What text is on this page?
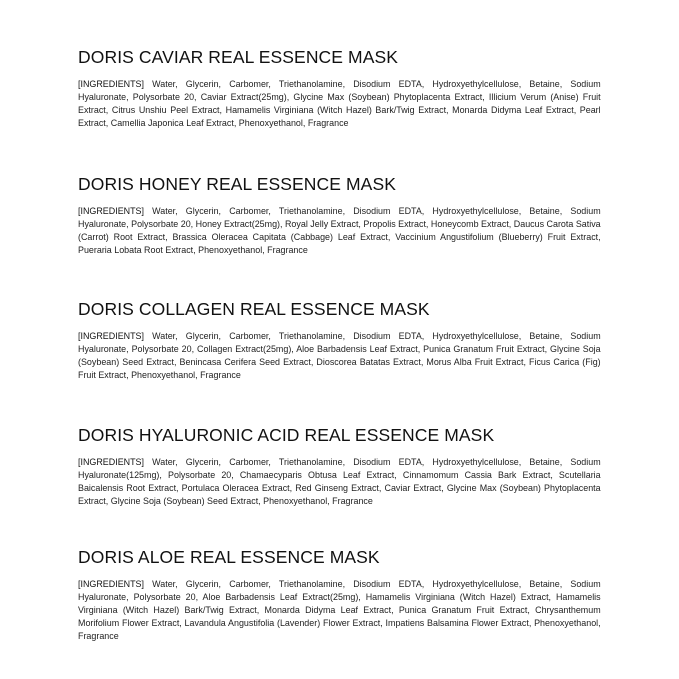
DORIS CAVIAR REAL ESSENCE MASK

[INGREDIENTS] Water, Glycerin, Carbomer, Triethanolamine, Disodium EDTA, Hydroxyethylcellulose, Betaine, Sodium Hyaluronate, Polysorbate 20, Caviar Extract(25mg), Glycine Max (Soybean) Phytoplacenta Extract, Illicium Verum (Anise) Fruit Extract, Citrus Unshiu Peel Extract, Hamamelis Virginiana (Witch Hazel) Bark/Twig Extract, Monarda Didyma Leaf Extract, Pearl Extract, Camellia Japonica Leaf Extract, Phenoxyethanol, Fragrance

DORIS HONEY REAL ESSENCE MASK

[INGREDIENTS] Water, Glycerin, Carbomer, Triethanolamine, Disodium EDTA, Hydroxyethylcellulose, Betaine, Sodium Hyaluronate, Polysorbate 20, Honey Extract(25mg), Royal Jelly Extract, Propolis Extract, Honeycomb Extract, Daucus Carota Sativa (Carrot) Root Extract, Brassica Oleracea Capitata (Cabbage) Leaf Extract, Vaccinium Angustifolium (Blueberry) Fruit Extract, Pueraria Lobata Root Extract, Phenoxyethanol, Fragrance

DORIS COLLAGEN REAL ESSENCE MASK

[INGREDIENTS] Water, Glycerin, Carbomer, Triethanolamine, Disodium EDTA, Hydroxyethylcellulose, Betaine, Sodium Hyaluronate, Polysorbate 20, Collagen Extract(25mg), Aloe Barbadensis Leaf Extract, Punica Granatum Fruit Extract, Glycine Soja (Soybean) Seed Extract, Benincasa Cerifera Seed Extract, Dioscorea Batatas Extract, Morus Alba Fruit Extract, Ficus Carica (Fig) Fruit Extract, Phenoxyethanol, Fragrance

DORIS HYALURONIC ACID REAL ESSENCE MASK

[INGREDIENTS] Water, Glycerin, Carbomer, Triethanolamine, Disodium EDTA, Hydroxyethylcellulose, Betaine, Sodium Hyaluronate(125mg), Polysorbate 20, Chamaecyparis Obtusa Leaf Extract, Cinnamomum Cassia Bark Extract, Scutellaria Baicalensis Root Extract, Portulaca Oleracea Extract, Red Ginseng Extract, Caviar Extract, Glycine Max (Soybean) Phytoplacenta Extract, Glycine Soja (Soybean) Seed Extract, Phenoxyethanol, Fragrance

DORIS ALOE REAL ESSENCE MASK

[INGREDIENTS] Water, Glycerin, Carbomer, Triethanolamine, Disodium EDTA, Hydroxyethylcellulose, Betaine, Sodium Hyaluronate, Polysorbate 20, Aloe Barbadensis Leaf Extract(25mg), Hamamelis Virginiana (Witch Hazel) Extract, Hamamelis Virginiana (Witch Hazel) Bark/Twig Extract, Monarda Didyma Leaf Extract, Punica Granatum Fruit Extract, Chrysanthemum Morifolium Flower Extract, Lavandula Angustifolia (Lavender) Flower Extract, Impatiens Balsamina Flower Extract, Phenoxyethanol, Fragrance
